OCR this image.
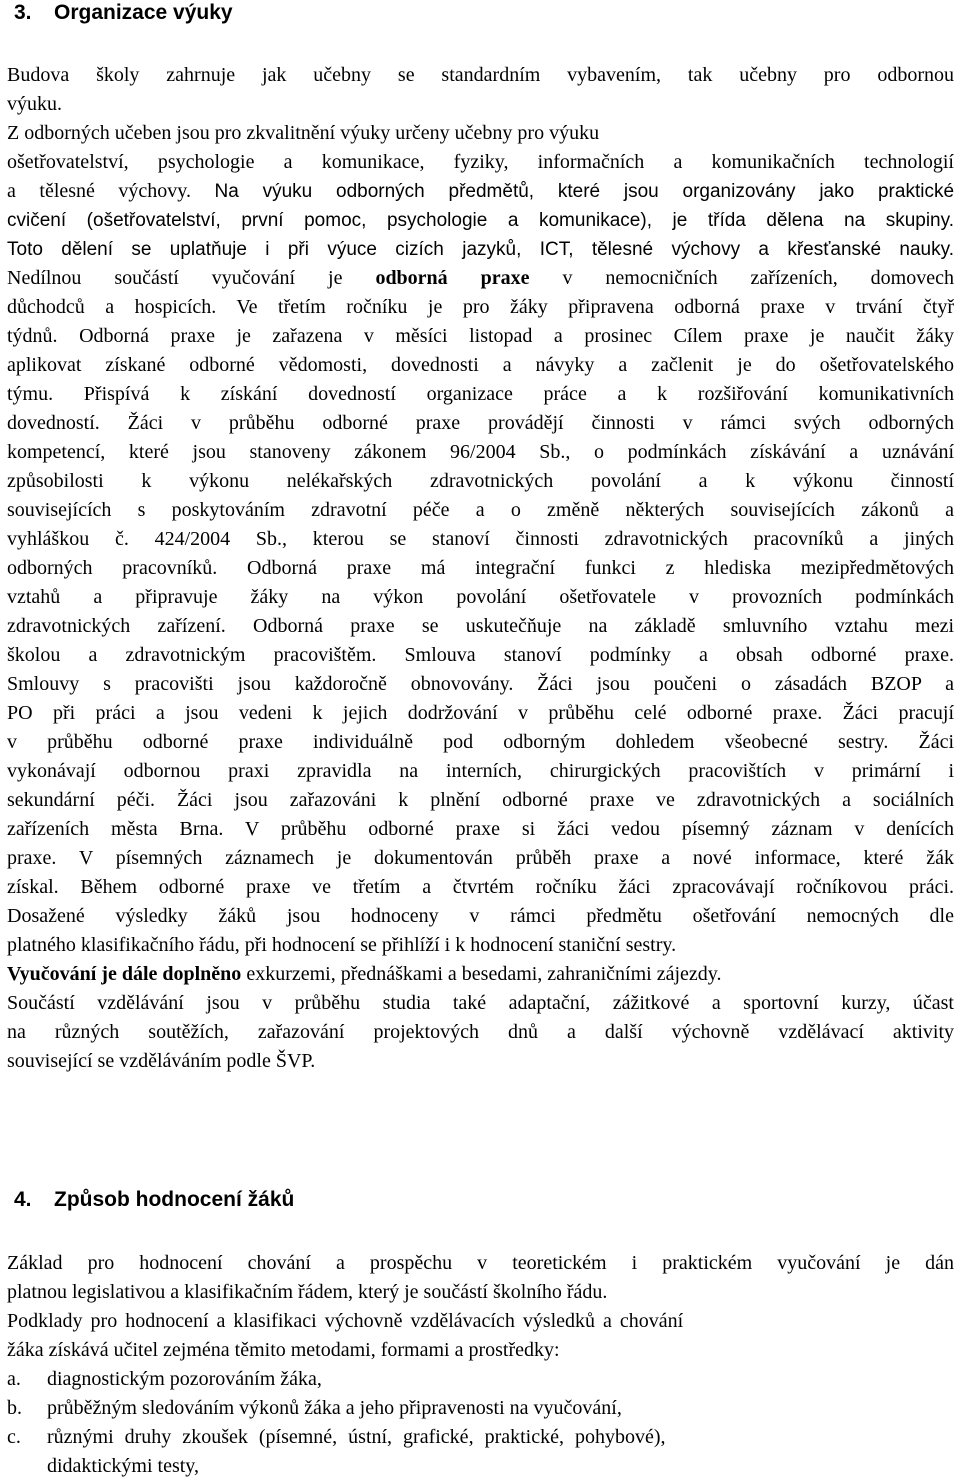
3. Organizace výuky
Budova školy zahrnuje jak učebny se standardním vybavením, tak učebny pro odbornou
výuku.
Z odborných učeben jsou pro zkvalitnění výuky určeny učebny pro výuku
ošetřovatelství, psychologie a komunikace, fyziky, informačních a komunikačních technologií
a tělesné výchovy. Na výuku odborných předmětů, které jsou organizovány jako praktické
cvičení (ošetřovatelství, první pomoc, psychologie a komunikace), je třída dělena na skupiny.
Toto dělení se uplatňuje i při výuce cizích jazyků, ICT, tělesné výchovy a křesťanské nauky.
Nedílnou součástí vyučování je odborná praxe v nemocničních zařízeních, domovech
důchodců a hospicích. Ve třetím ročníku je pro žáky připravena odborná praxe v trvání čtyř
týdnů. Odborná praxe je zařazena v měsíci listopad a prosinec Cílem praxe je naučit žáky
aplikovat získané odborné vědomosti, dovednosti a návyky a začlenit je do ošetřovatelského
týmu. Přispívá k získání dovedností organizace práce a k rozšiřování komunikativních
dovedností. Žáci v průběhu odborné praxe provádějí činnosti v rámci svých odborných
kompetencí, které jsou stanoveny zákonem 96/2004 Sb., o podmínkách získávání a uznávání
způsobilosti k výkonu nelékařských zdravotnických povolání a k výkonu činností
souvisejících s poskytováním zdravotní péče a o změně některých souvisejících zákonů a
vyhláškou č. 424/2004 Sb., kterou se stanoví činnosti zdravotnických pracovníků a jiných
odborných pracovníků. Odborná praxe má integrační funkci z hlediska mezipředmětových
vztahů a připravuje žáky na výkon povolání ošetřovatele v provozních podmínkách
zdravotnických zařízení. Odborná praxe se uskutečňuje na základě smluvního vztahu mezi
školou a zdravotnickým pracovištěm. Smlouva stanoví podmínky a obsah odborné praxe.
Smlouvy s pracovišti jsou každoročně obnovovány. Žáci jsou poučeni o zásadách BZOP a
PO při práci a jsou vedeni k jejich dodržování v průběhu celé odborné praxe. Žáci pracují
v průběhu odborné praxe individuálně pod odborným dohledem všeobecné sestry. Žáci
vykonávají odbornou praxi zpravidla na interních, chirurgických pracovištích v primární i
sekundární péči. Žáci jsou zařazováni k plnění odborné praxe ve zdravotnických a sociálních
zařízeních města Brna. V průběhu odborné praxe si žáci vedou písemný záznam v denících
praxe. V písemných záznamech je dokumentován průběh praxe a nové informace, které žák
získal. Během odborné praxe ve třetím a čtvrtém ročníku žáci zpracovávají ročníkovou práci.
Dosažené výsledky žáků jsou hodnoceny v rámci předmětu ošetřování nemocných dle
platného klasifikačního řádu, při hodnocení se přihlíží i k hodnocení staniční sestry.
Vyučování je dále doplněno exkurzemi, přednáškami a besedami, zahraničními zájezdy.
Součástí vzdělávání jsou v průběhu studia také adaptační, zážitkové a sportovní kurzy, účast
na různých soutěžích, zařazování projektových dnů a další výchovně vzdělávací aktivity
související se vzděláváním podle ŠVP.
4. Způsob hodnocení žáků
Základ pro hodnocení chování a prospěchu v teoretickém i praktickém vyučování je dán
platnou legislativou a klasifikačním řádem, který je součástí školního řádu.
Podklady pro hodnocení a klasifikaci výchovně vzdělávacích výsledků a chování
žáka získává učitel zejména těmito metodami, formami a prostředky:
a. diagnostickým pozorováním žáka,
b. průběžným sledováním výkonů žáka a jeho připravenosti na vyučování,
c. různými druhy zkoušek (písemné, ústní, grafické, praktické, pohybové),
didaktickými testy,
